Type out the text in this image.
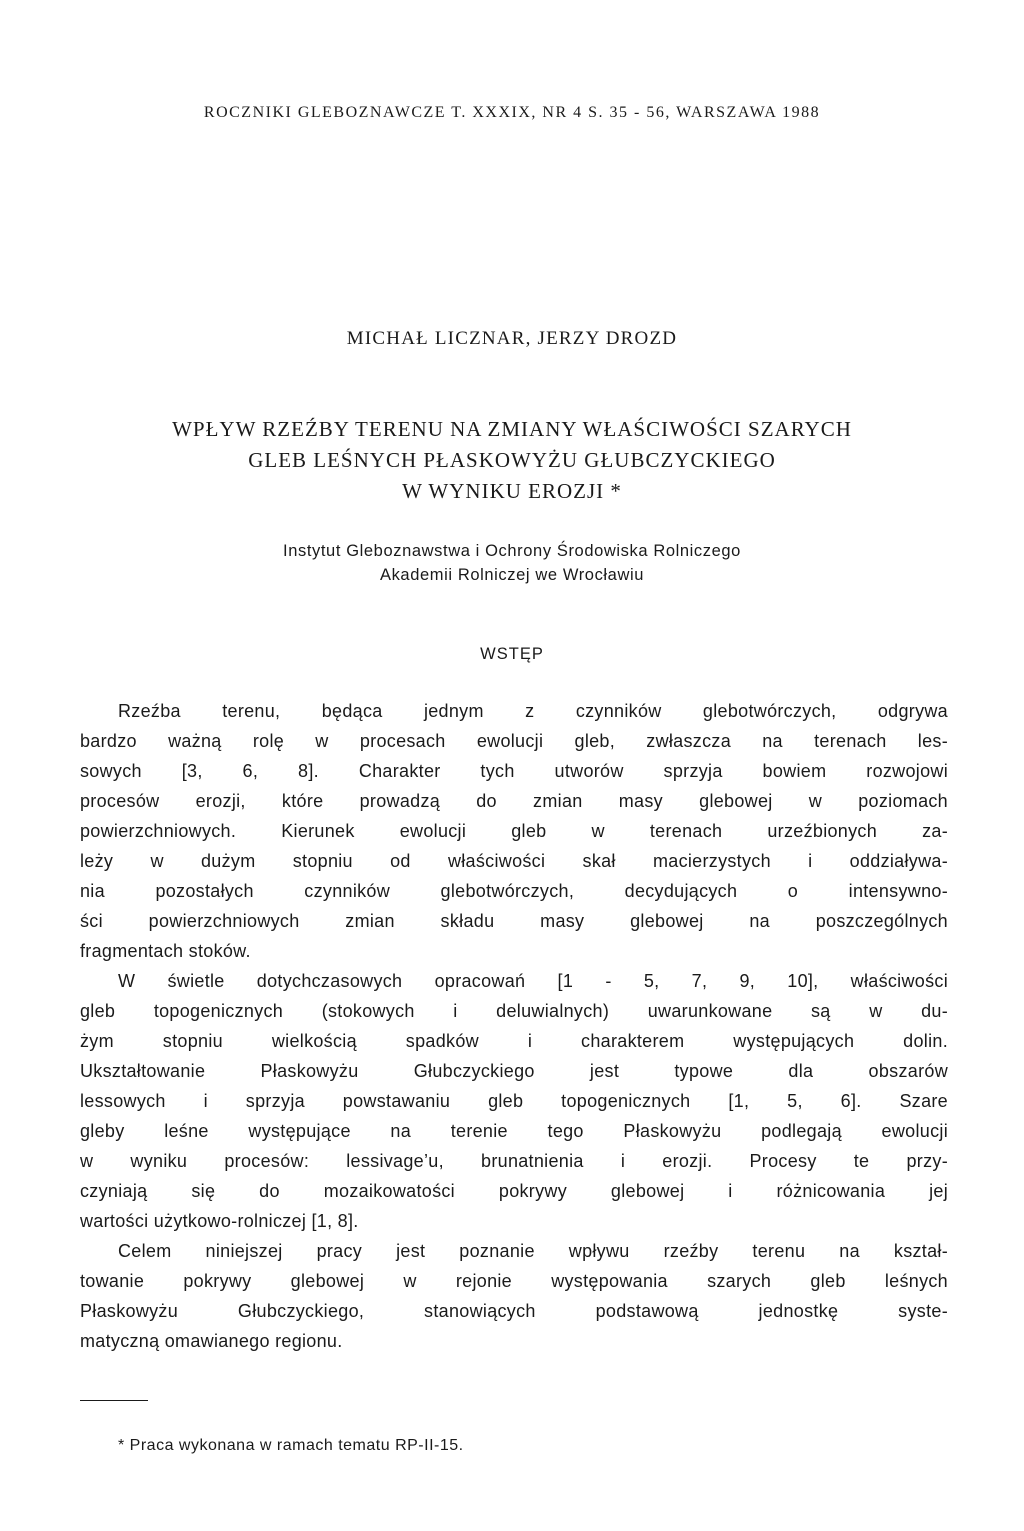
ROCZNIKI GLEBOZNAWCZE T. XXXIX, NR 4 S. 35 - 56, WARSZAWA 1988
MICHAŁ LICZNAR, JERZY DROZD
WPŁYW RZEŹBY TERENU NA ZMIANY WŁAŚCIWOŚCI SZARYCH
GLEB LEŚNYCH PŁASKOWYŻU GŁUBCZYCKIEGO
W WYNIKU EROZJI *
Instytut Gleboznawstwa i Ochrony Środowiska Rolniczego
Akademii Rolniczej we Wrocławiu
WSTĘP
Rzeźba terenu, będąca jednym z czynników glebotwórczych, odgrywa
bardzo ważną rolę w procesach ewolucji gleb, zwłaszcza na terenach les-
sowych [3, 6, 8]. Charakter tych utworów sprzyja bowiem rozwojowi
procesów erozji, które prowadzą do zmian masy glebowej w poziomach
powierzchniowych. Kierunek ewolucji gleb w terenach urzeźbionych za-
leży w dużym stopniu od właściwości skał macierzystych i oddziaływa-
nia pozostałych czynników glebotwórczych, decydujących o intensywno-
ści powierzchniowych zmian składu masy glebowej na poszczególnych
fragmentach stoków.
W świetle dotychczasowych opracowań [1 - 5, 7, 9, 10], właściwości
gleb topogenicznych (stokowych i deluwialnych) uwarunkowane są w du-
żym stopniu wielkością spadków i charakterem występujących dolin.
Ukształtowanie Płaskowyżu Głubczyckiego jest typowe dla obszarów
lessowych i sprzyja powstawaniu gleb topogenicznych [1, 5, 6]. Szare
gleby leśne występujące na terenie tego Płaskowyżu podlegają ewolucji
w wyniku procesów: lessivage’u, brunatnienia i erozji. Procesy te przy-
czyniają się do mozaikowatości pokrywy glebowej i różnicowania jej
wartości użytkowo-rolniczej [1, 8].
Celem niniejszej pracy jest poznanie wpływu rzeźby terenu na kształ-
towanie pokrywy glebowej w rejonie występowania szarych gleb leśnych
Płaskowyżu Głubczyckiego, stanowiących podstawową jednostkę syste-
matyczną omawianego regionu.
* Praca wykonana w ramach tematu RP-II-15.
